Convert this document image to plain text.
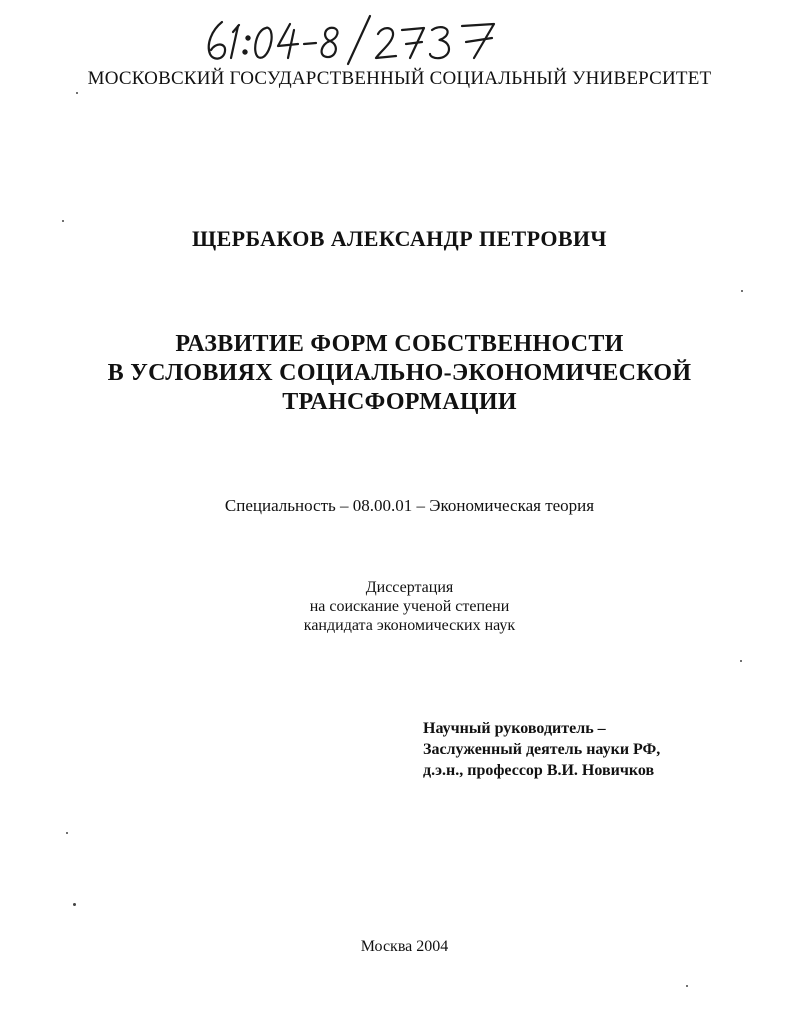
МОСКОВСКИЙ ГОСУДАРСТВЕННЫЙ СОЦИАЛЬНЫЙ УНИВЕРСИТЕТ
ЩЕРБАКОВ АЛЕКСАНДР ПЕТРОВИЧ
РАЗВИТИЕ ФОРМ СОБСТВЕННОСТИ
В УСЛОВИЯХ СОЦИАЛЬНО-ЭКОНОМИЧЕСКОЙ
ТРАНСФОРМАЦИИ
Специальность – 08.00.01 – Экономическая теория
Диссертация
на соискание ученой степени
кандидата экономических наук
Научный руководитель –
Заслуженный деятель науки РФ,
д.э.н., профессор В.И. Новичков
Москва 2004
